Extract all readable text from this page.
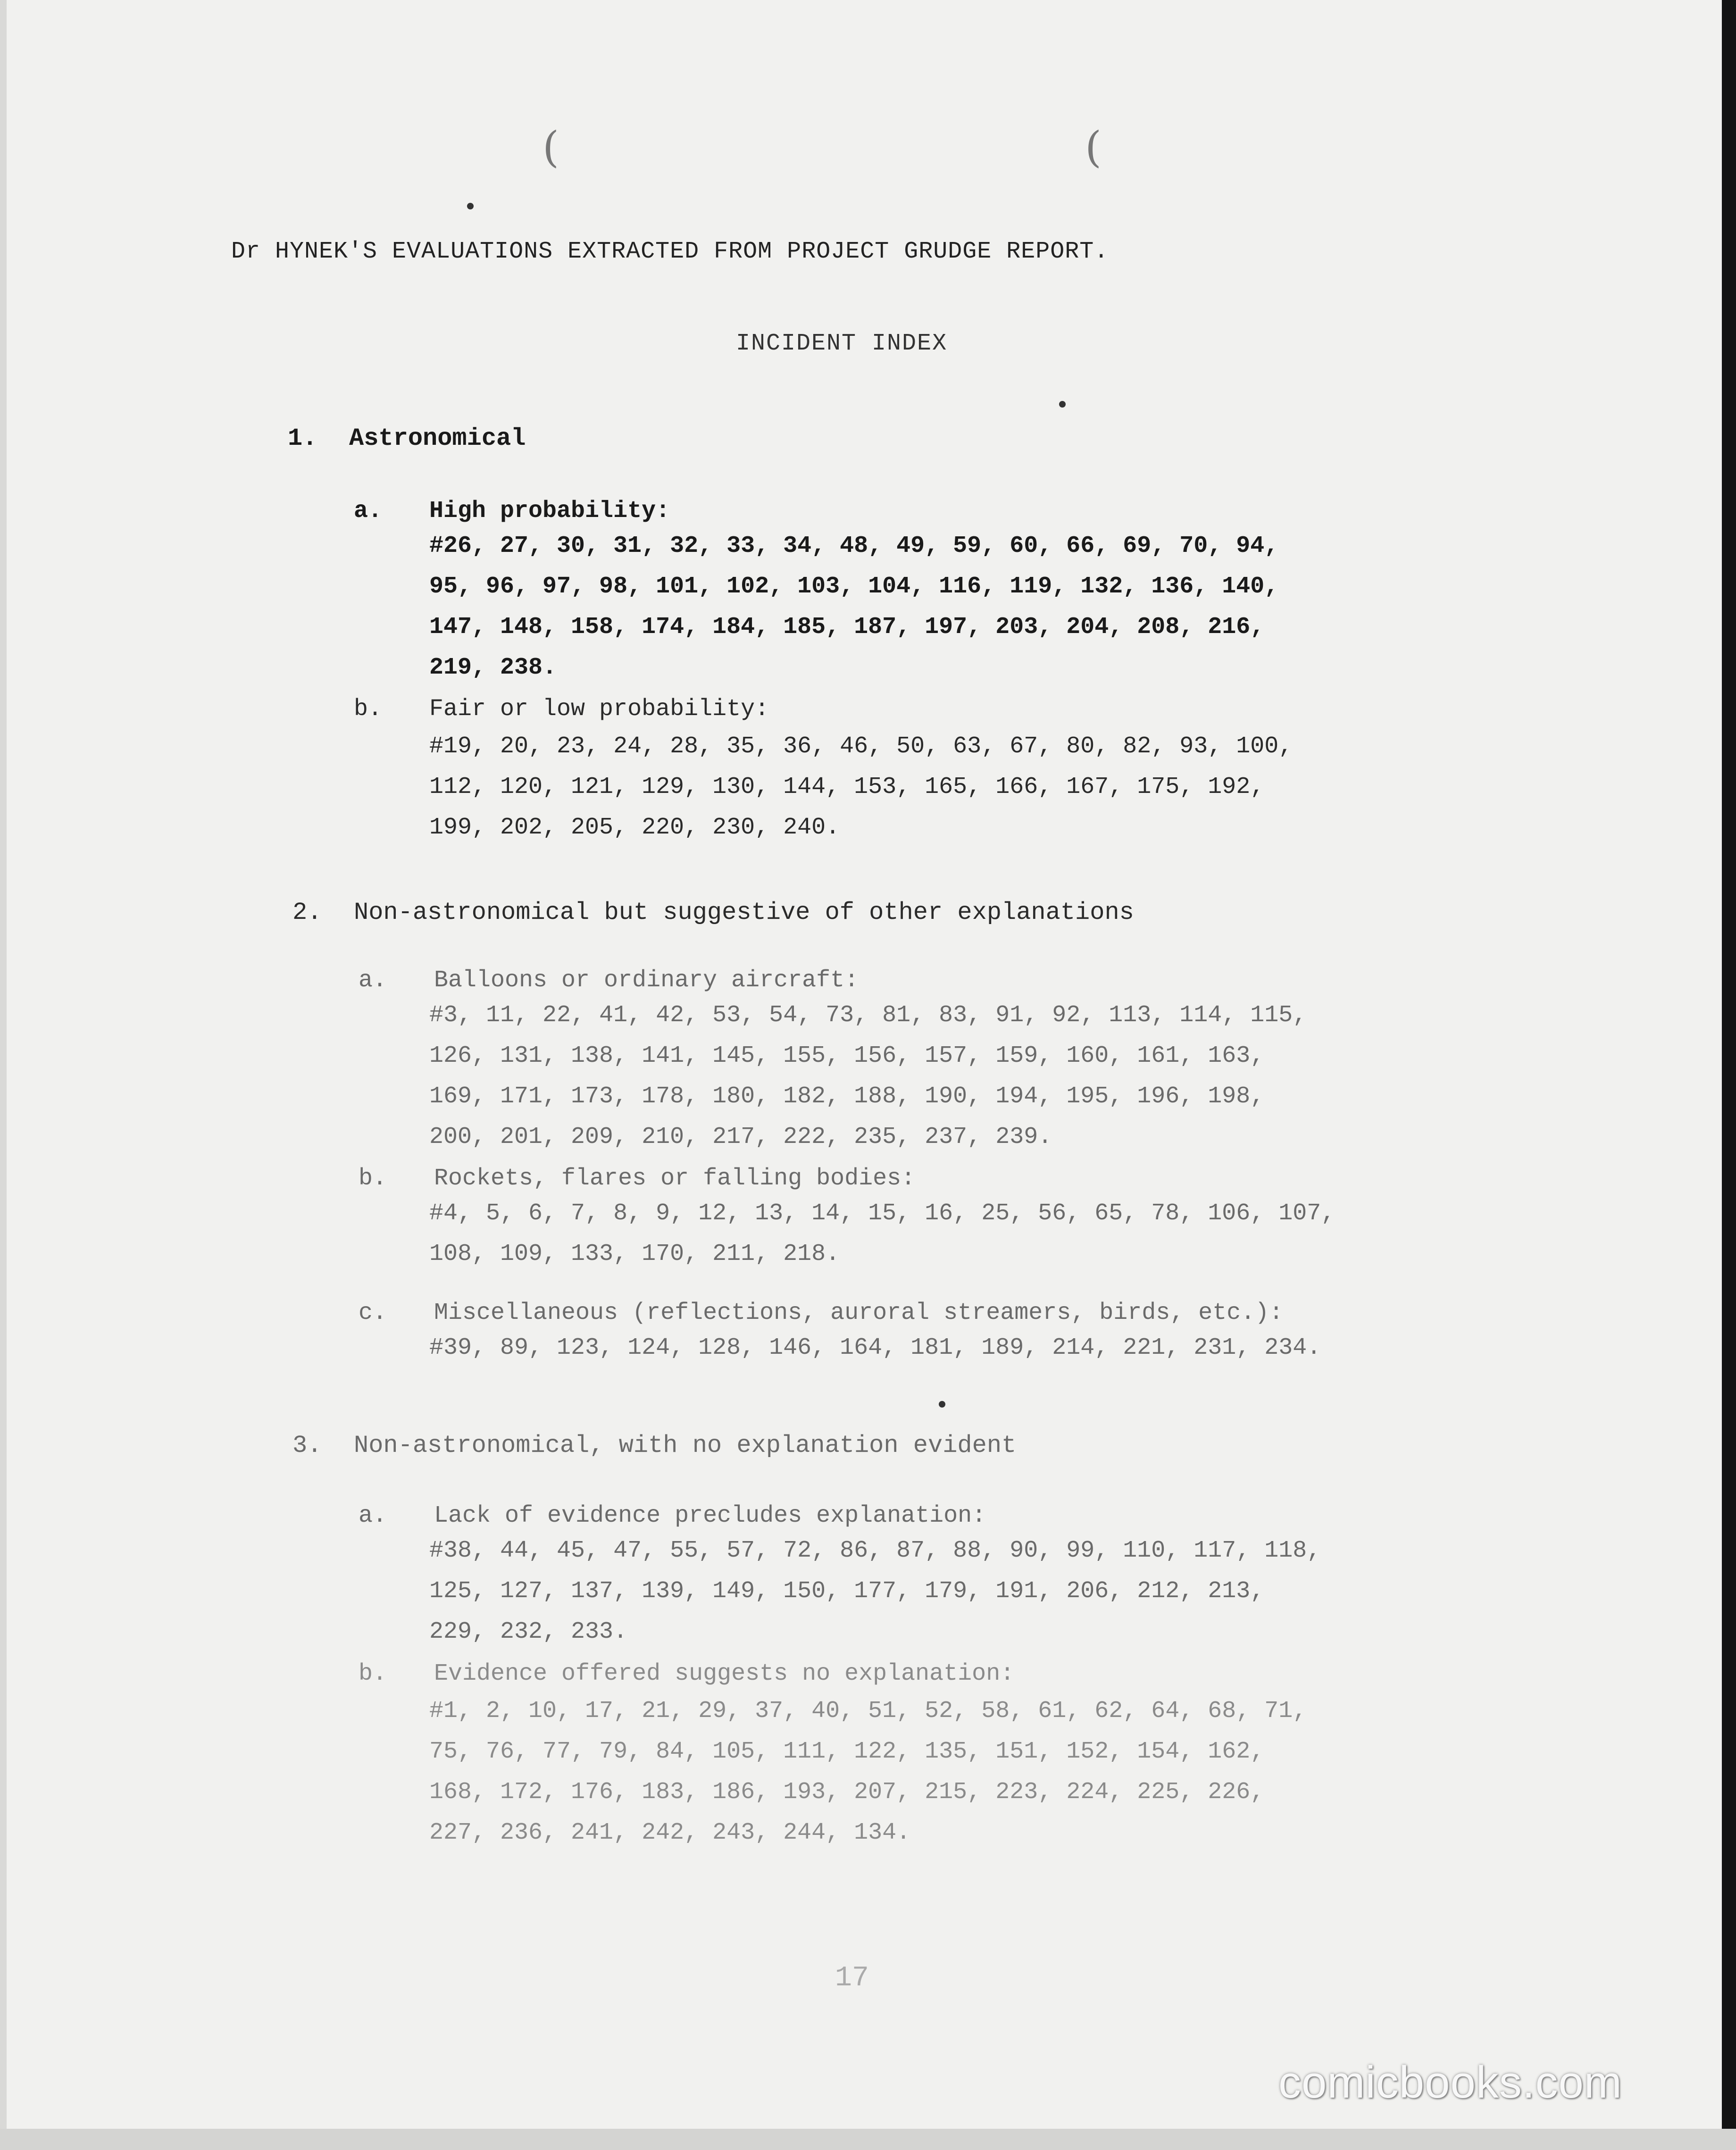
(	(
Dr HYNEK'S EVALUATIONS EXTRACTED FROM PROJECT GRUDGE REPORT.
INCIDENT INDEX
1. Astronomical
a. High probability:
#26, 27, 30, 31, 32, 33, 34, 48, 49, 59, 60, 66, 69, 70, 94,
95, 96, 97, 98, 101, 102, 103, 104, 116, 119, 132, 136, 140,
147, 148, 158, 174, 184, 185, 187, 197, 203, 204, 208, 216,
219, 238.
b. Fair or low probability:
#19, 20, 23, 24, 28, 35, 36, 46, 50, 63, 67, 80, 82, 93, 100,
112, 120, 121, 129, 130, 144, 153, 165, 166, 167, 175, 192,
199, 202, 205, 220, 230, 240.
2. Non-astronomical but suggestive of other explanations
a. Balloons or ordinary aircraft:
#3, 11, 22, 41, 42, 53, 54, 73, 81, 83, 91, 92, 113, 114, 115,
126, 131, 138, 141, 145, 155, 156, 157, 159, 160, 161, 163,
169, 171, 173, 178, 180, 182, 188, 190, 194, 195, 196, 198,
200, 201, 209, 210, 217, 222, 235, 237, 239.
b. Rockets, flares or falling bodies:
#4, 5, 6, 7, 8, 9, 12, 13, 14, 15, 16, 25, 56, 65, 78, 106, 107,
108, 109, 133, 170, 211, 218.
c. Miscellaneous (reflections, auroral streamers, birds, etc.):
#39, 89, 123, 124, 128, 146, 164, 181, 189, 214, 221, 231, 234.
3. Non-astronomical, with no explanation evident
a. Lack of evidence precludes explanation:
#38, 44, 45, 47, 55, 57, 72, 86, 87, 88, 90, 99, 110, 117, 118,
125, 127, 137, 139, 149, 150, 177, 179, 191, 206, 212, 213,
229, 232, 233.
b. Evidence offered suggests no explanation:
#1, 2, 10, 17, 21, 29, 37, 40, 51, 52, 58, 61, 62, 64, 68, 71,
75, 76, 77, 79, 84, 105, 111, 122, 135, 151, 152, 154, 162,
168, 172, 176, 183, 186, 193, 207, 215, 223, 224, 225, 226,
227, 236, 241, 242, 243, 244, 134.
17
comicbooks.com
